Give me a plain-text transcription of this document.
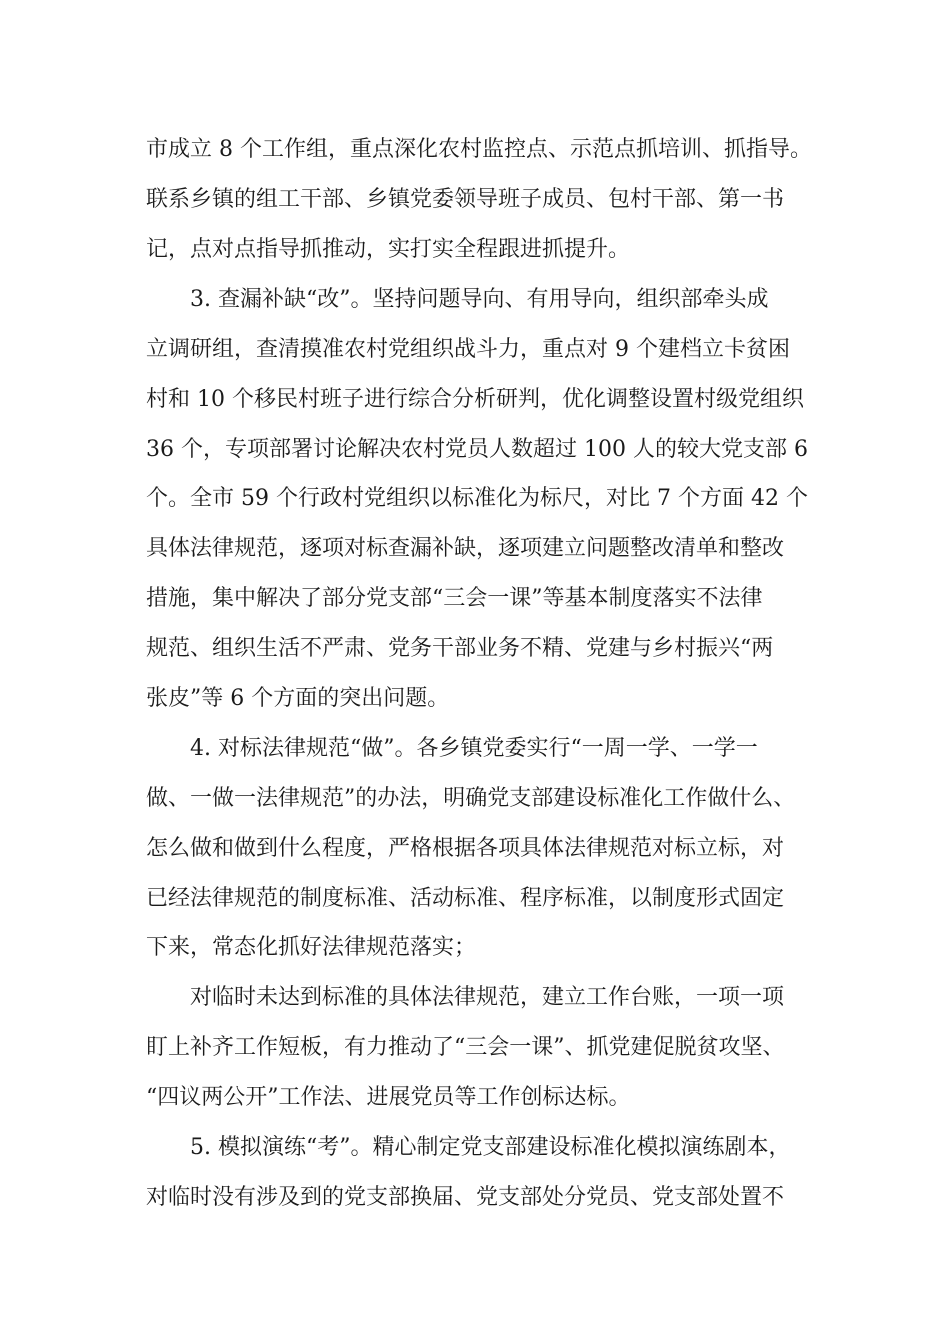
市成立 8 个工作组，重点深化农村监控点、示范点抓培训、抓指导。
联系乡镇的组工干部、乡镇党委领导班子成员、包村干部、第一书
记，点对点指导抓推动，实打实全程跟进抓提升。
3. 查漏补缺“改”。坚持问题导向、有用导向，组织部牵头成
立调研组，查清摸准农村党组织战斗力，重点对 9 个建档立卡贫困
村和 10 个移民村班子进行综合分析研判，优化调整设置村级党组织
36 个，专项部署讨论解决农村党员人数超过 100 人的较大党支部 6
个。全市 59 个行政村党组织以标准化为标尺，对比 7 个方面 42 个
具体法律规范，逐项对标查漏补缺，逐项建立问题整改清单和整改
措施，集中解决了部分党支部“三会一课”等基本制度落实不法律
规范、组织生活不严肃、党务干部业务不精、党建与乡村振兴“两
张皮”等 6 个方面的突出问题。
4. 对标法律规范“做”。各乡镇党委实行“一周一学、一学一
做、一做一法律规范”的办法，明确党支部建设标准化工作做什么、
怎么做和做到什么程度，严格根据各项具体法律规范对标立标，对
已经法律规范的制度标准、活动标准、程序标准，以制度形式固定
下来，常态化抓好法律规范落实；
对临时未达到标准的具体法律规范，建立工作台账，一项一项
盯上补齐工作短板，有力推动了“三会一课”、抓党建促脱贫攻坚、
“四议两公开”工作法、进展党员等工作创标达标。
5. 模拟演练“考”。精心制定党支部建设标准化模拟演练剧本，
对临时没有涉及到的党支部换届、党支部处分党员、党支部处置不
